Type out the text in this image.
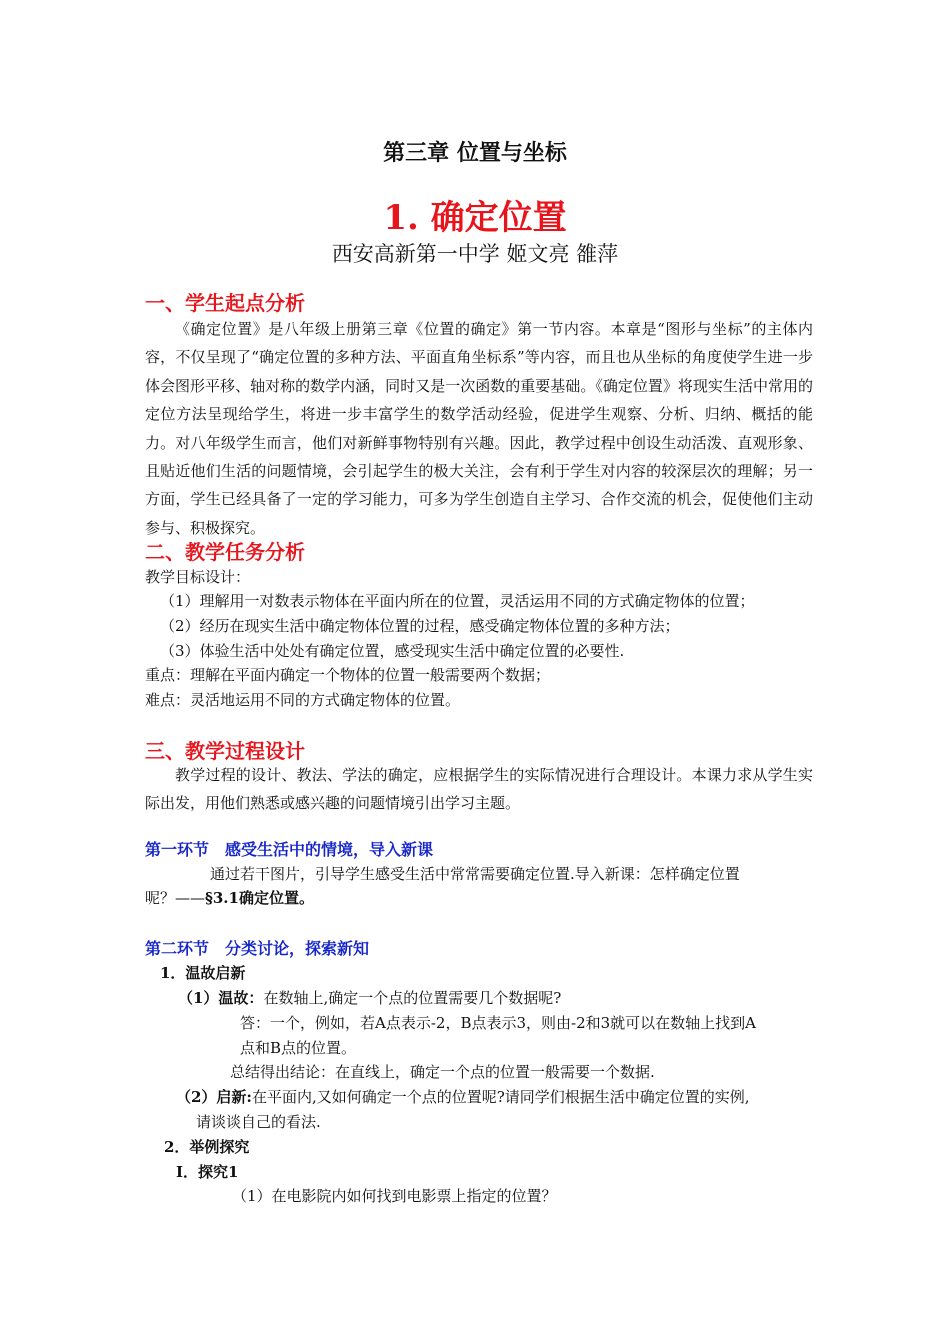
第三章 位置与坐标
1. 确定位置
西安高新第一中学 姬文亮 雒萍
一、学生起点分析
《确定位置》是八年级上册第三章《位置的确定》第一节内容。本章是“图形与坐标”的主体内容，不仅呈现了“确定位置的多种方法、平面直角坐标系”等内容，而且也从坐标的角度使学生进一步体会图形平移、轴对称的数学内涵，同时又是一次函数的重要基础。《确定位置》将现实生活中常用的定位方法呈现给学生，将进一步丰富学生的数学活动经验，促进学生观察、分析、归纳、概括的能力。对八年级学生而言，他们对新鲜事物特别有兴趣。因此，教学过程中创设生动活泼、直观形象、且贴近他们生活的问题情境，会引起学生的极大关注，会有利于学生对内容的较深层次的理解；另一方面，学生已经具备了一定的学习能力，可多为学生创造自主学习、合作交流的机会，促使他们主动参与、积极探究。
二、教学任务分析
教学目标设计：
（1）理解用一对数表示物体在平面内所在的位置，灵活运用不同的方式确定物体的位置；
（2）经历在现实生活中确定物体位置的过程，感受确定物体位置的多种方法；
（3）体验生活中处处有确定位置，感受现实生活中确定位置的必要性.
重点：理解在平面内确定一个物体的位置一般需要两个数据；
难点：灵活地运用不同的方式确定物体的位置。
三、教学过程设计
教学过程的设计、教法、学法的确定，应根据学生的实际情况进行合理设计。本课力求从学生实际出发，用他们熟悉或感兴趣的问题情境引出学习主题。
第一环节　感受生活中的情境，导入新课
通过若干图片，引导学生感受生活中常常需要确定位置.导入新课：怎样确定位置
呢？——§3.1确定位置。
第二环节　分类讨论，探索新知
1．温故启新
（1）温故：在数轴上,确定一个点的位置需要几个数据呢?
答：一个，例如，若A点表示-2，B点表示3，则由-2和3就可以在数轴上找到A
点和B点的位置。
总结得出结论：在直线上，确定一个点的位置一般需要一个数据.
（2）启新:在平面内,又如何确定一个点的位置呢?请同学们根据生活中确定位置的实例,
请谈谈自己的看法.
2．举例探究
Ⅰ．探究1
（1）在电影院内如何找到电影票上指定的位置？
